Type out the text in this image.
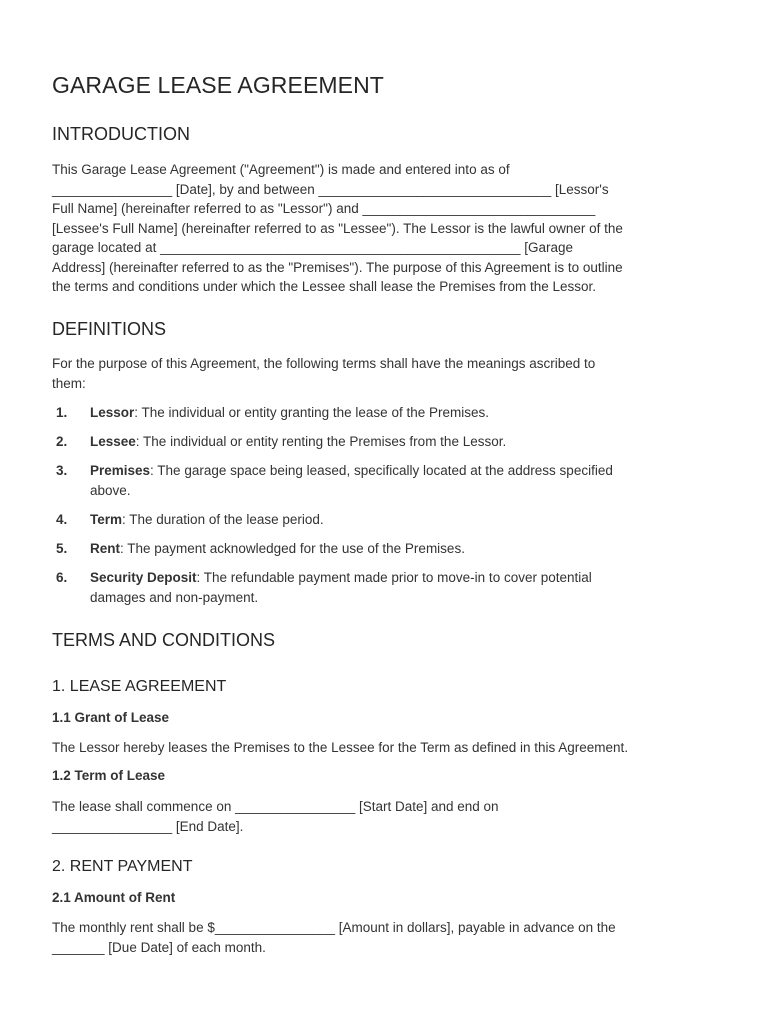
GARAGE LEASE AGREEMENT
INTRODUCTION
This Garage Lease Agreement ("Agreement") is made and entered into as of
________________ [Date], by and between _______________________________ [Lessor's
Full Name] (hereinafter referred to as "Lessor") and _______________________________
[Lessee's Full Name] (hereinafter referred to as "Lessee"). The Lessor is the lawful owner of the
garage located at ________________________________________________ [Garage
Address] (hereinafter referred to as the "Premises"). The purpose of this Agreement is to outline
the terms and conditions under which the Lessee shall lease the Premises from the Lessor.
DEFINITIONS
For the purpose of this Agreement, the following terms shall have the meanings ascribed to
them:
1. Lessor: The individual or entity granting the lease of the Premises.
2. Lessee: The individual or entity renting the Premises from the Lessor.
3. Premises: The garage space being leased, specifically located at the address specified
above.
4. Term: The duration of the lease period.
5. Rent: The payment acknowledged for the use of the Premises.
6. Security Deposit: The refundable payment made prior to move-in to cover potential
damages and non-payment.
TERMS AND CONDITIONS
1. LEASE AGREEMENT
1.1 Grant of Lease
The Lessor hereby leases the Premises to the Lessee for the Term as defined in this Agreement.
1.2 Term of Lease
The lease shall commence on ________________ [Start Date] and end on
________________ [End Date].
2. RENT PAYMENT
2.1 Amount of Rent
The monthly rent shall be $________________ [Amount in dollars], payable in advance on the
_______ [Due Date] of each month.
